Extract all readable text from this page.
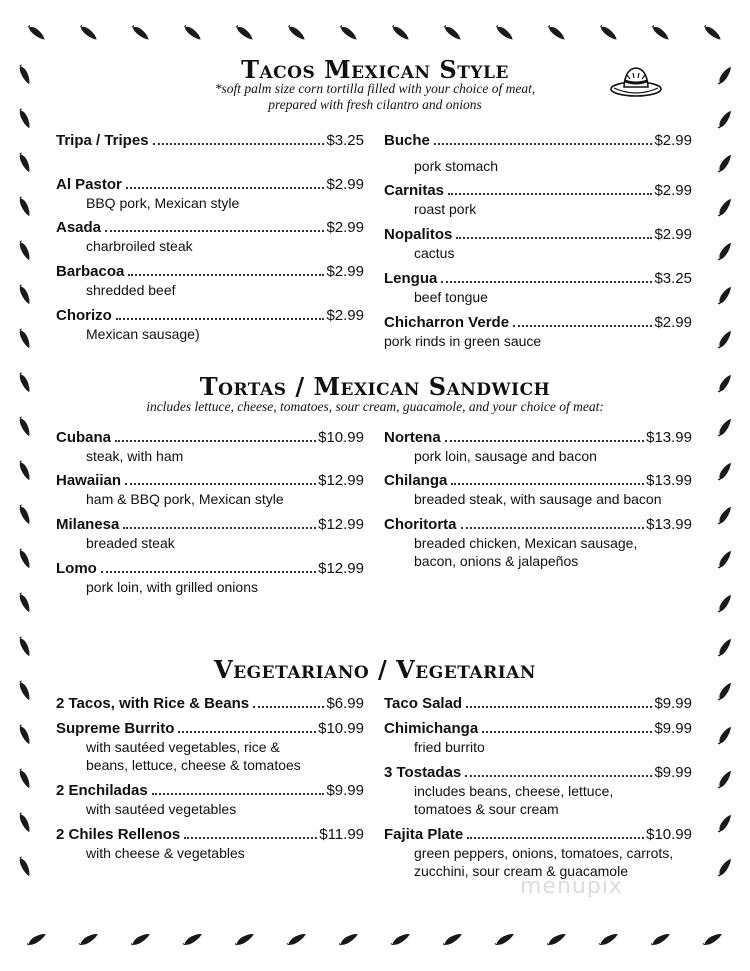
Tacos Mexican Style

*soft palm size corn tortilla filled with your choice of meat,

prepared with fresh cilantro and onions

Tripa / Tripes	$3.25
Al Pastor	$2.99
BBQ pork, Mexican style
Asada	$2.99
charbroiled steak
Barbacoa	$2.99
shredded beef
Chorizo	$2.99
Mexican sausage)
Buche	$2.99
pork stomach
Carnitas	$2.99
roast pork
Nopalitos	$2.99
cactus
Lengua	$3.25
beef tongue
Chicharron Verde	$2.99
pork rinds in green sauce
Tortas / Mexican Sandwich

includes lettuce, cheese, tomatoes, sour cream, guacamole, and your choice of meat:

Cubana	$10.99
steak, with ham
Hawaiian	$12.99
ham & BBQ pork, Mexican style
Milanesa	$12.99
breaded steak
Lomo	$12.99
pork loin, with grilled onions
Nortena	$13.99
pork loin, sausage and bacon
Chilanga	$13.99
breaded steak, with sausage and bacon
Choritorta	$13.99
breaded chicken, Mexican sausage,
bacon, onions & jalapeños
Vegetariano / Vegetarian
2 Tacos, with Rice & Beans	$6.99
Supreme Burrito	$10.99
with sautéed vegetables, rice &
beans, lettuce, cheese & tomatoes
2 Enchiladas	$9.99
with sautéed vegetables
2 Chiles Rellenos	$11.99
with cheese & vegetables
Taco Salad	$9.99
Chimichanga	$9.99
fried burrito
3 Tostadas	$9.99
includes beans, cheese, lettuce,
tomatoes & sour cream
Fajita Plate	$10.99
green peppers, onions, tomatoes, carrots,
zucchini, sour cream & guacamole
menupix
